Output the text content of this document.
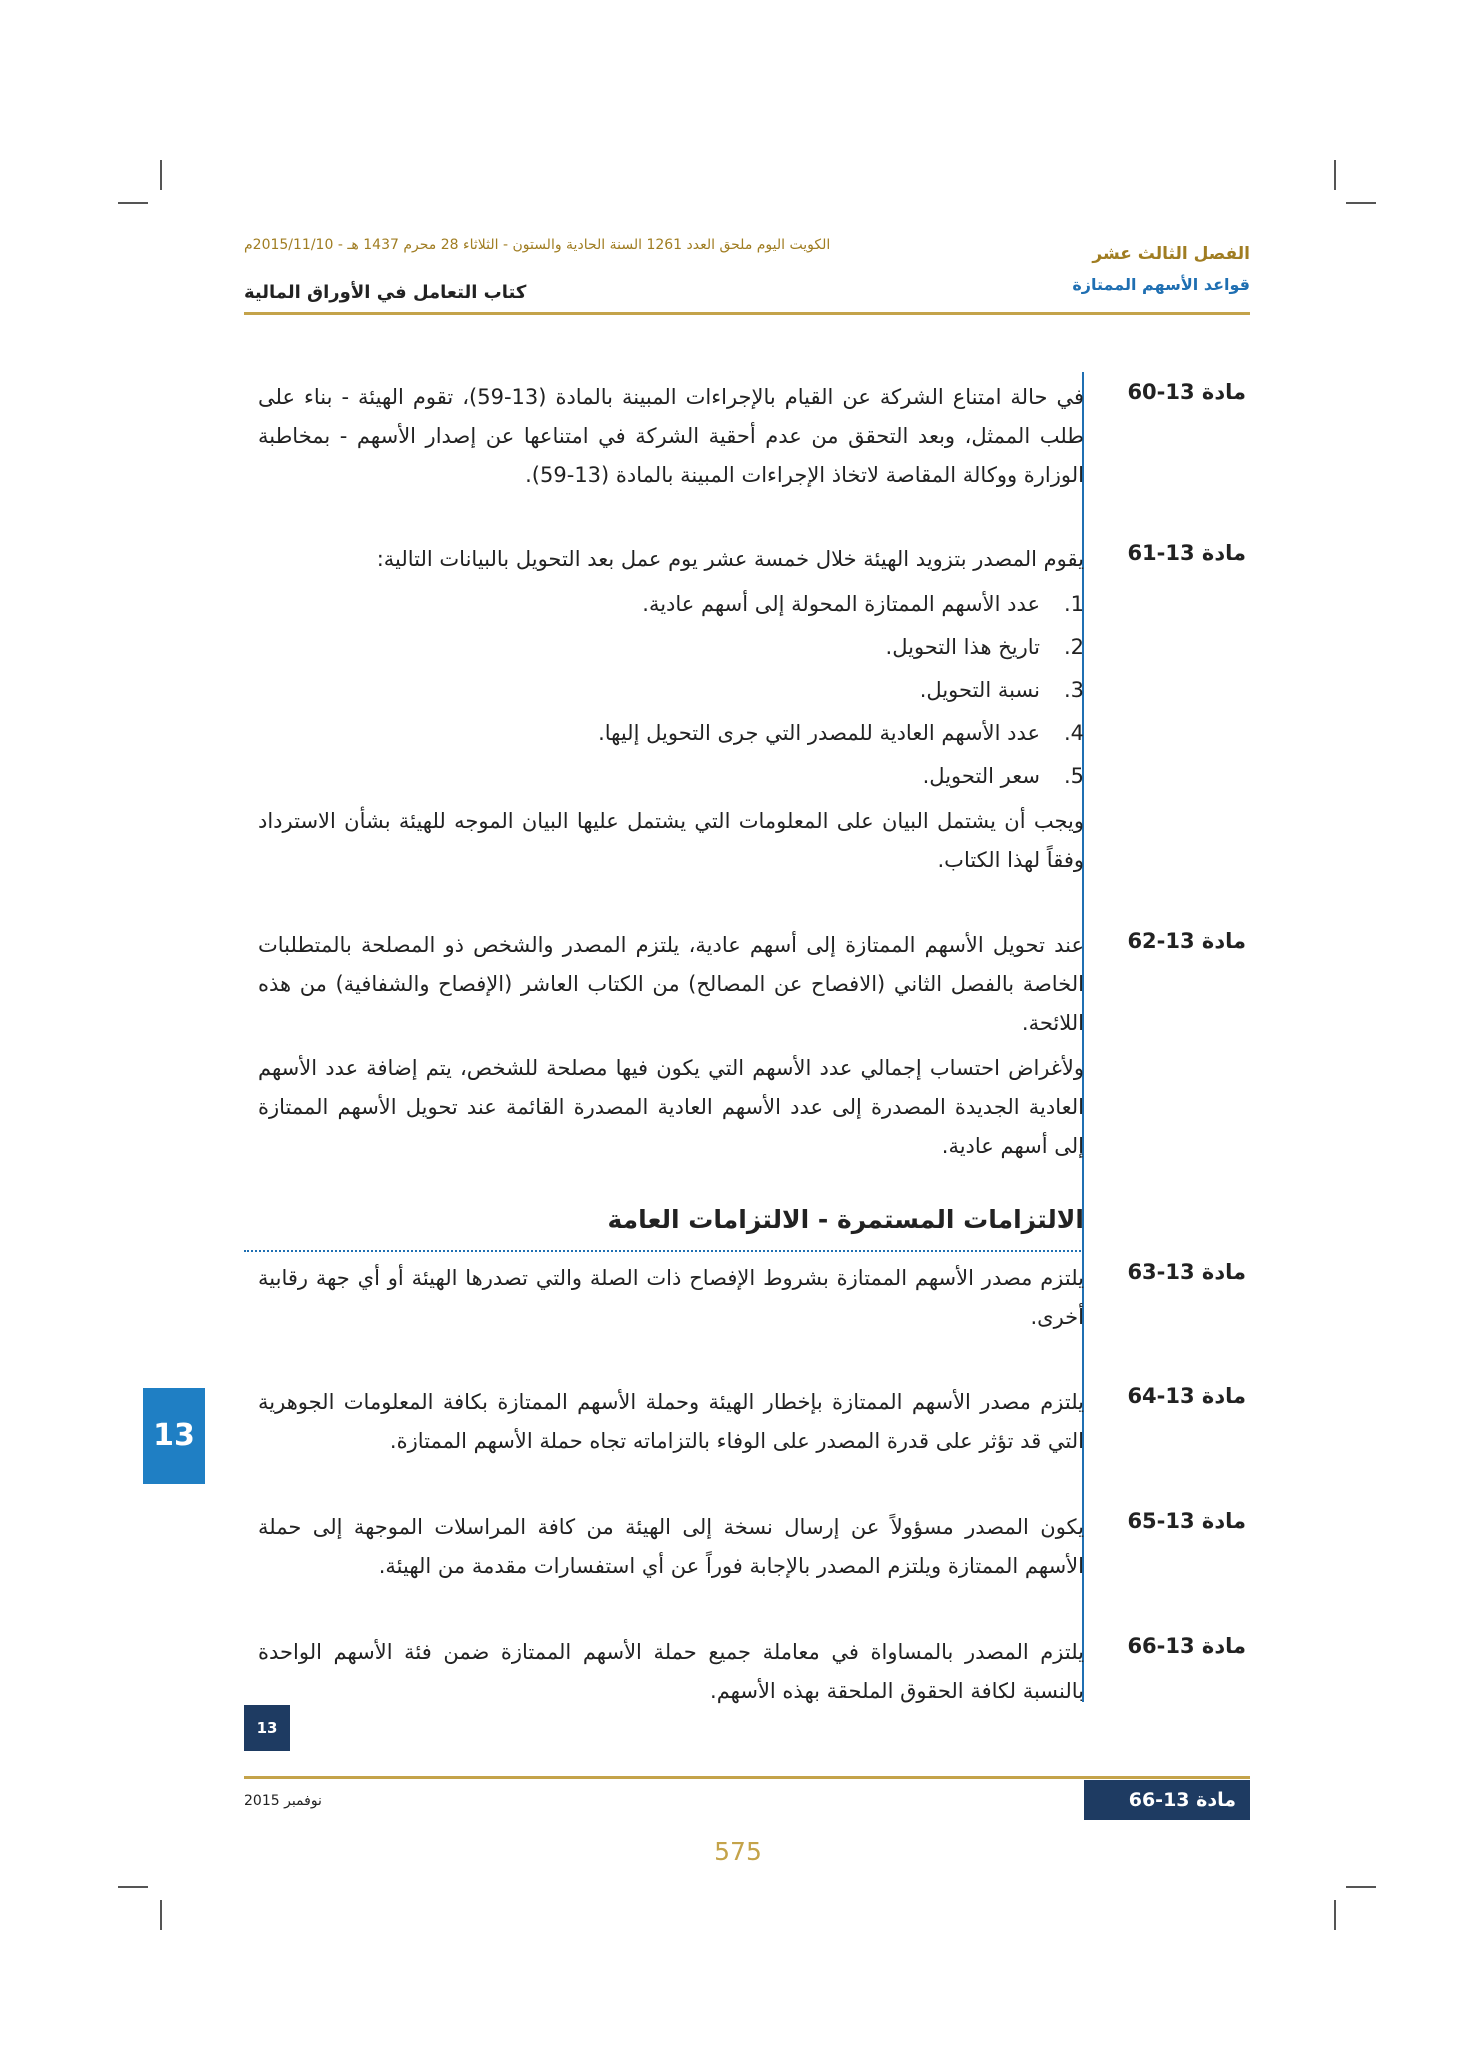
الكويت اليوم ملحق العدد 1261 السنة الحادية والستون - الثلاثاء 28 محرم 1437 هـ - 2015/11/10م	الفصل الثالث عشر
قواعد الأسهم الممتازة
كتاب التعامل في الأوراق المالية
مادة 13-60

في حالة امتناع الشركة عن القيام بالإجراءات المبينة بالمادة (13-59)، تقوم الهيئة - بناء على طلب الممثل، وبعد التحقق من عدم أحقية الشركة في امتناعها عن إصدار الأسهم - بمخاطبة الوزارة ووكالة المقاصة لاتخاذ الإجراءات المبينة بالمادة (13-59).

مادة 13-61

يقوم المصدر بتزويد الهيئة خلال خمسة عشر يوم عمل بعد التحويل بالبيانات التالية:

1.
عدد الأسهم الممتازة المحولة إلى أسهم عادية.
2.
تاريخ هذا التحويل.
3.
نسبة التحويل.
4.
عدد الأسهم العادية للمصدر التي جرى التحويل إليها.
5.
سعر التحويل.

ويجب أن يشتمل البيان على المعلومات التي يشتمل عليها البيان الموجه للهيئة بشأن الاسترداد وفقاً لهذا الكتاب.

مادة 13-62

عند تحويل الأسهم الممتازة إلى أسهم عادية، يلتزم المصدر والشخص ذو المصلحة بالمتطلبات الخاصة بالفصل الثاني (الافصاح عن المصالح) من الكتاب العاشر (الإفصاح والشفافية) من هذه اللائحة.

ولأغراض احتساب إجمالي عدد الأسهم التي يكون فيها مصلحة للشخص، يتم إضافة عدد الأسهم العادية الجديدة المصدرة إلى عدد الأسهم العادية المصدرة القائمة عند تحويل الأسهم الممتازة إلى أسهم عادية.

الالتزامات المستمرة - الالتزامات العامة
مادة 13-63

يلتزم مصدر الأسهم الممتازة بشروط الإفصاح ذات الصلة والتي تصدرها الهيئة أو أي جهة رقابية أخرى.

مادة 13-64

يلتزم مصدر الأسهم الممتازة بإخطار الهيئة وحملة الأسهم الممتازة بكافة المعلومات الجوهرية التي قد تؤثر على قدرة المصدر على الوفاء بالتزاماته تجاه حملة الأسهم الممتازة.

مادة 13-65

يكون المصدر مسؤولاً عن إرسال نسخة إلى الهيئة من كافة المراسلات الموجهة إلى حملة الأسهم الممتازة ويلتزم المصدر بالإجابة فوراً عن أي استفسارات مقدمة من الهيئة.

مادة 13-66

يلتزم المصدر بالمساواة في معاملة جميع حملة الأسهم الممتازة ضمن فئة الأسهم الواحدة بالنسبة لكافة الحقوق الملحقة بهذه الأسهم.

13
13
نوفمبر 2015	مادة 13-66
575
